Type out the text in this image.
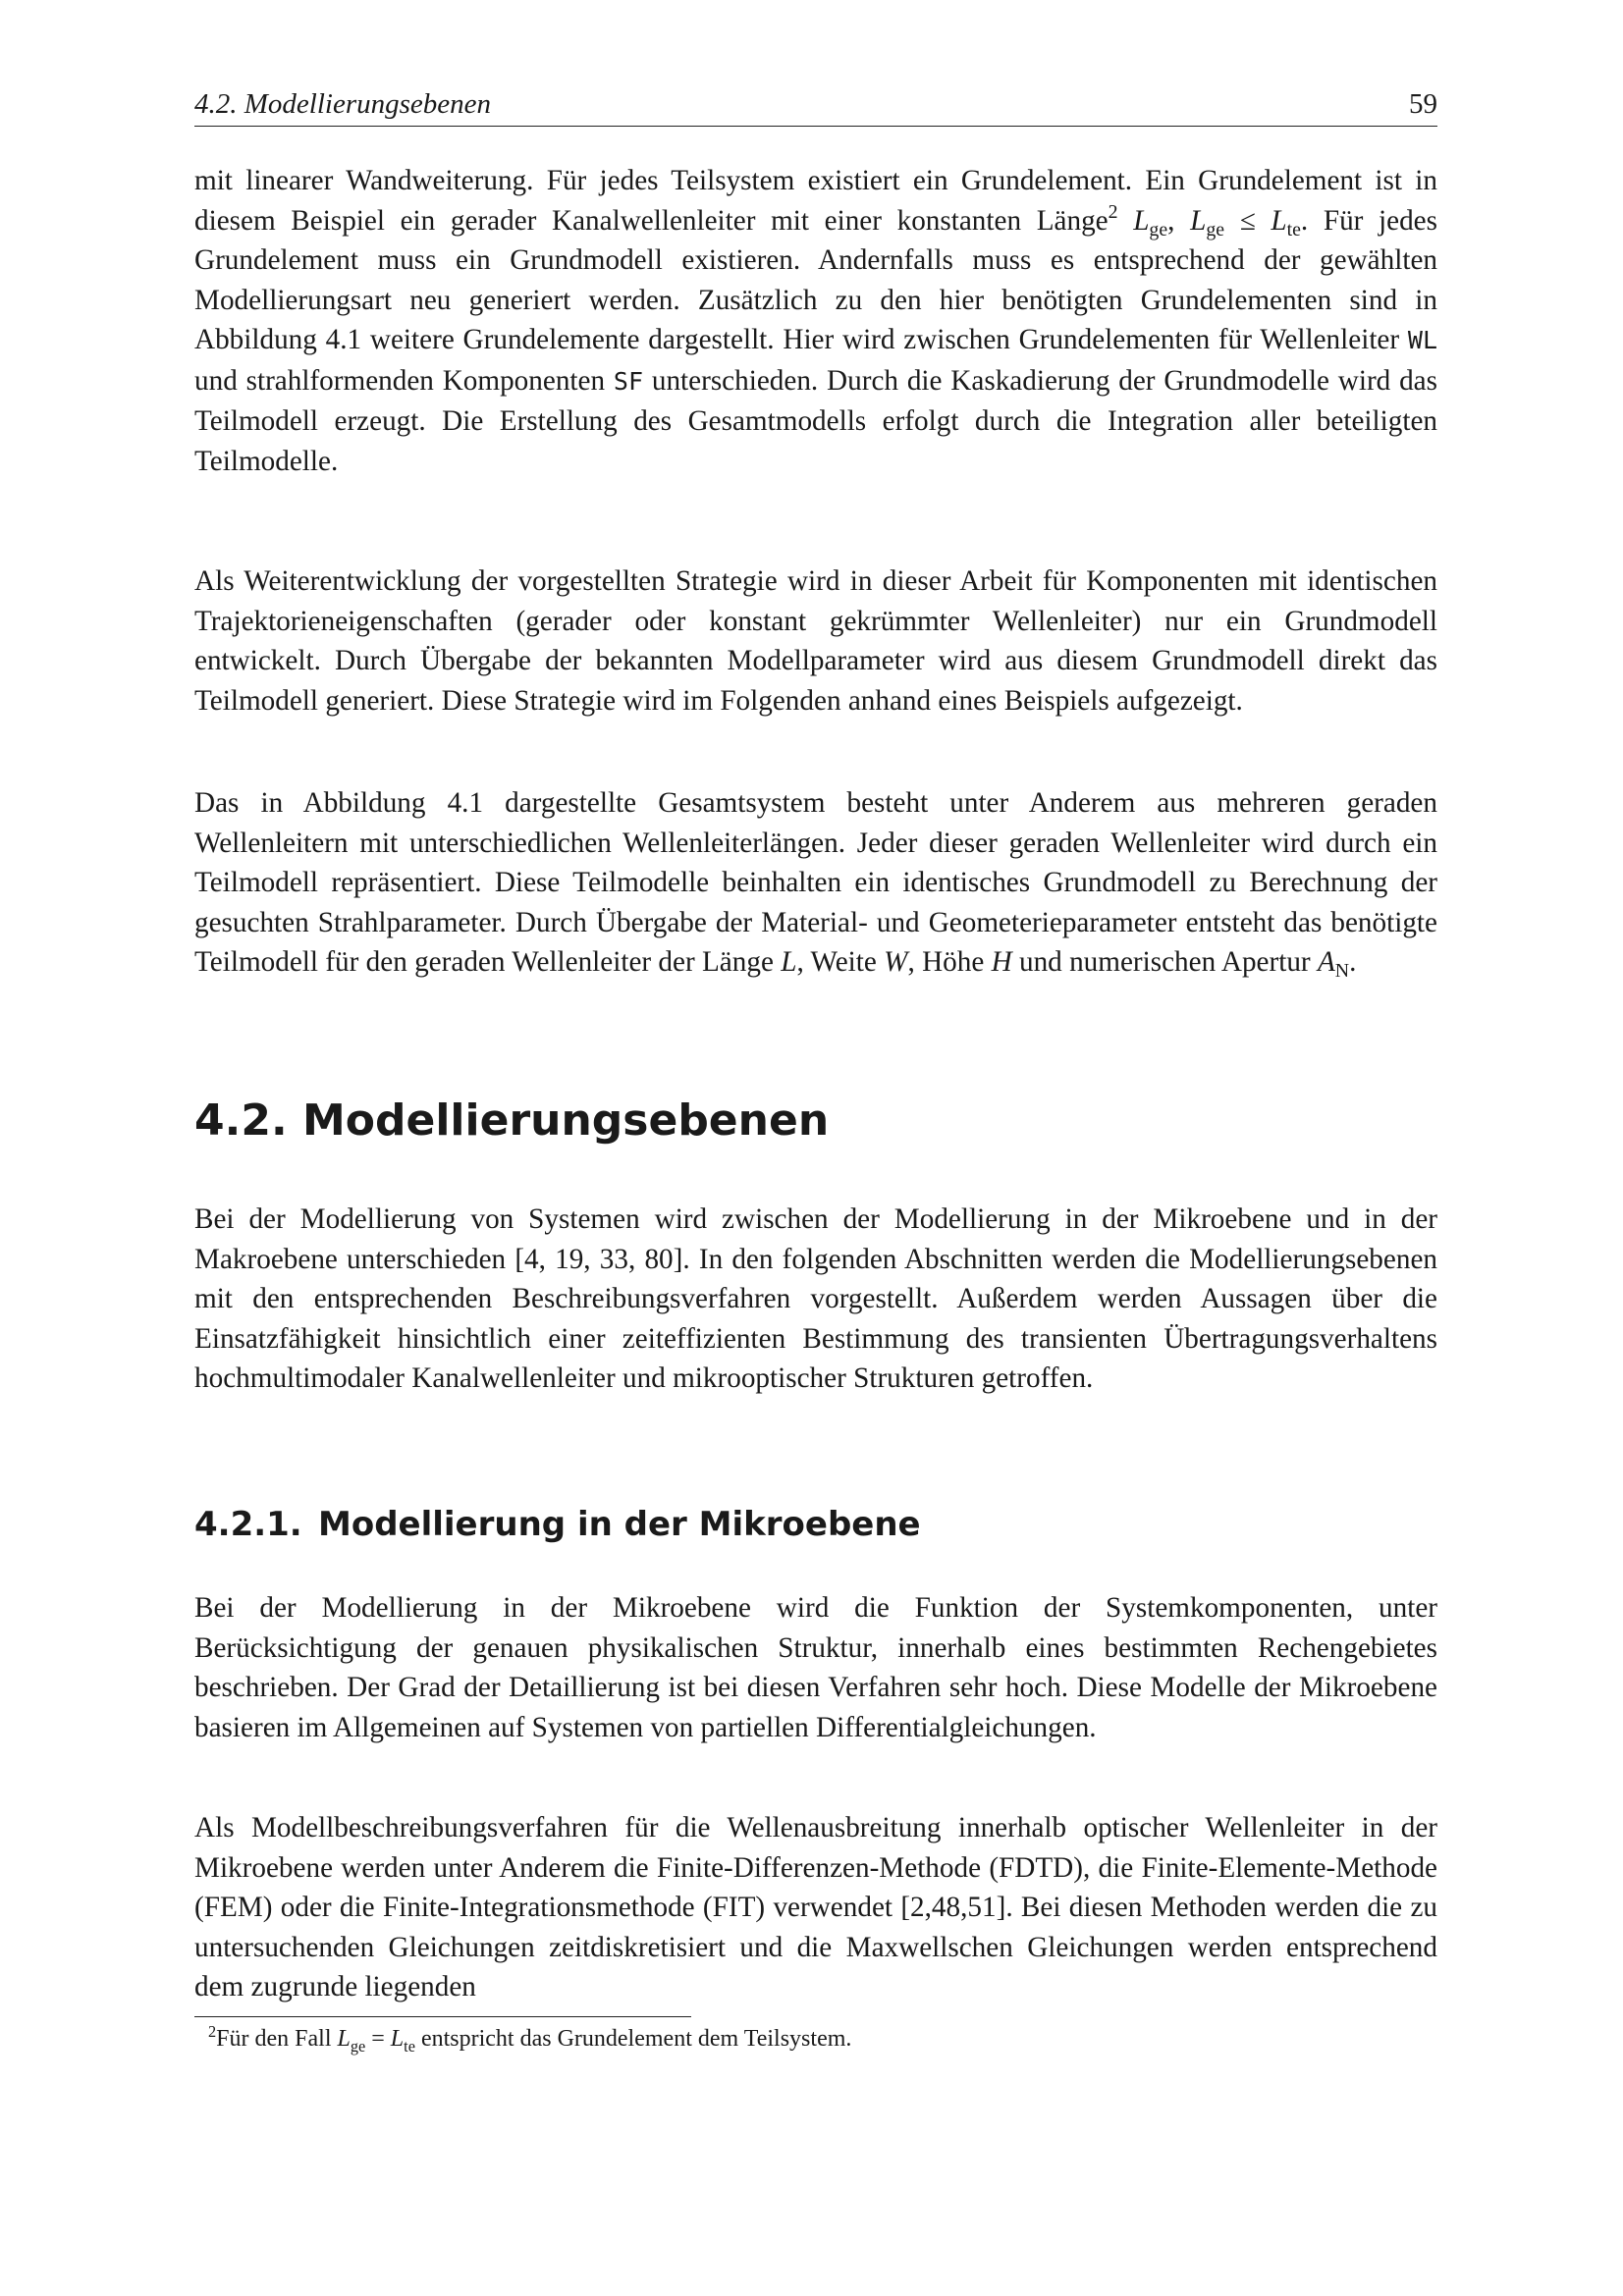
4.2. Modellierungsebenen	59

mit linearer Wandweiterung. Für jedes Teilsystem existiert ein Grundelement. Ein Grundelement ist in diesem Beispiel ein gerader Kanalwellenleiter mit einer konstanten Länge$^2$ $L_{ge}$, $L_{ge} \le L_{te}$. Für jedes Grundelement muss ein Grundmodell existieren. Andernfalls muss es entsprechend der gewählten Modellierungsart neu generiert werden. Zusätzlich zu den hier benötigten Grundelementen sind in Abbildung 4.1 weitere Grundelemente dargestellt. Hier wird zwischen Grundelementen für Wellenleiter WL und strahlformenden Komponenten SF unterschieden. Durch die Kaskadierung der Grundmodelle wird das Teilmodell erzeugt. Die Erstellung des Gesamtmodells erfolgt durch die Integration aller beteiligten Teilmodelle.

Als Weiterentwicklung der vorgestellten Strategie wird in dieser Arbeit für Komponenten mit identischen Trajektorieneigenschaften (gerader oder konstant gekrümmter Wellenleiter) nur ein Grundmodell entwickelt. Durch Übergabe der bekannten Modellparameter wird aus diesem Grundmodell direkt das Teilmodell generiert. Diese Strategie wird im Folgenden anhand eines Beispiels aufgezeigt.

Das in Abbildung 4.1 dargestellte Gesamtsystem besteht unter Anderem aus mehreren geraden Wellenleitern mit unterschiedlichen Wellenleiterlängen. Jeder dieser geraden Wellenleiter wird durch ein Teilmodell repräsentiert. Diese Teilmodelle beinhalten ein identisches Grundmodell zu Berechnung der gesuchten Strahlparameter. Durch Übergabe der Material- und Geometerieparameter entsteht das benötigte Teilmodell für den geraden Wellenleiter der Länge L, Weite W, Höhe H und numerischen Apertur $A_N$.

4.2. Modellierungsebenen

Bei der Modellierung von Systemen wird zwischen der Modellierung in der Mikroebene und in der Makroebene unterschieden [4, 19, 33, 80]. In den folgenden Abschnitten werden die Modellierungsebenen mit den entsprechenden Beschreibungsverfahren vorgestellt. Außerdem werden Aussagen über die Einsatzfähigkeit hinsichtlich einer zeiteffizienten Bestimmung des transienten Übertragungsverhaltens hochmultimodaler Kanalwellenleiter und mikrooptischer Strukturen getroffen.

4.2.1. Modellierung in der Mikroebene

Bei der Modellierung in der Mikroebene wird die Funktion der Systemkomponenten, unter Berücksichtigung der genauen physikalischen Struktur, innerhalb eines bestimmten Rechengebietes beschrieben. Der Grad der Detaillierung ist bei diesen Verfahren sehr hoch. Diese Modelle der Mikroebene basieren im Allgemeinen auf Systemen von partiellen Differentialgleichungen.

Als Modellbeschreibungsverfahren für die Wellenausbreitung innerhalb optischer Wellenleiter in der Mikroebene werden unter Anderem die Finite-Differenzen-Methode (FDTD), die Finite-Elemente-Methode (FEM) oder die Finite-Integrationsmethode (FIT) verwendet [2,48,51]. Bei diesen Methoden werden die zu untersuchenden Gleichungen zeitdiskretisiert und die Maxwellschen Gleichungen werden entsprechend dem zugrunde liegenden

$^2$Für den Fall $L_{ge} = L_{te}$ entspricht das Grundelement dem Teilsystem.
